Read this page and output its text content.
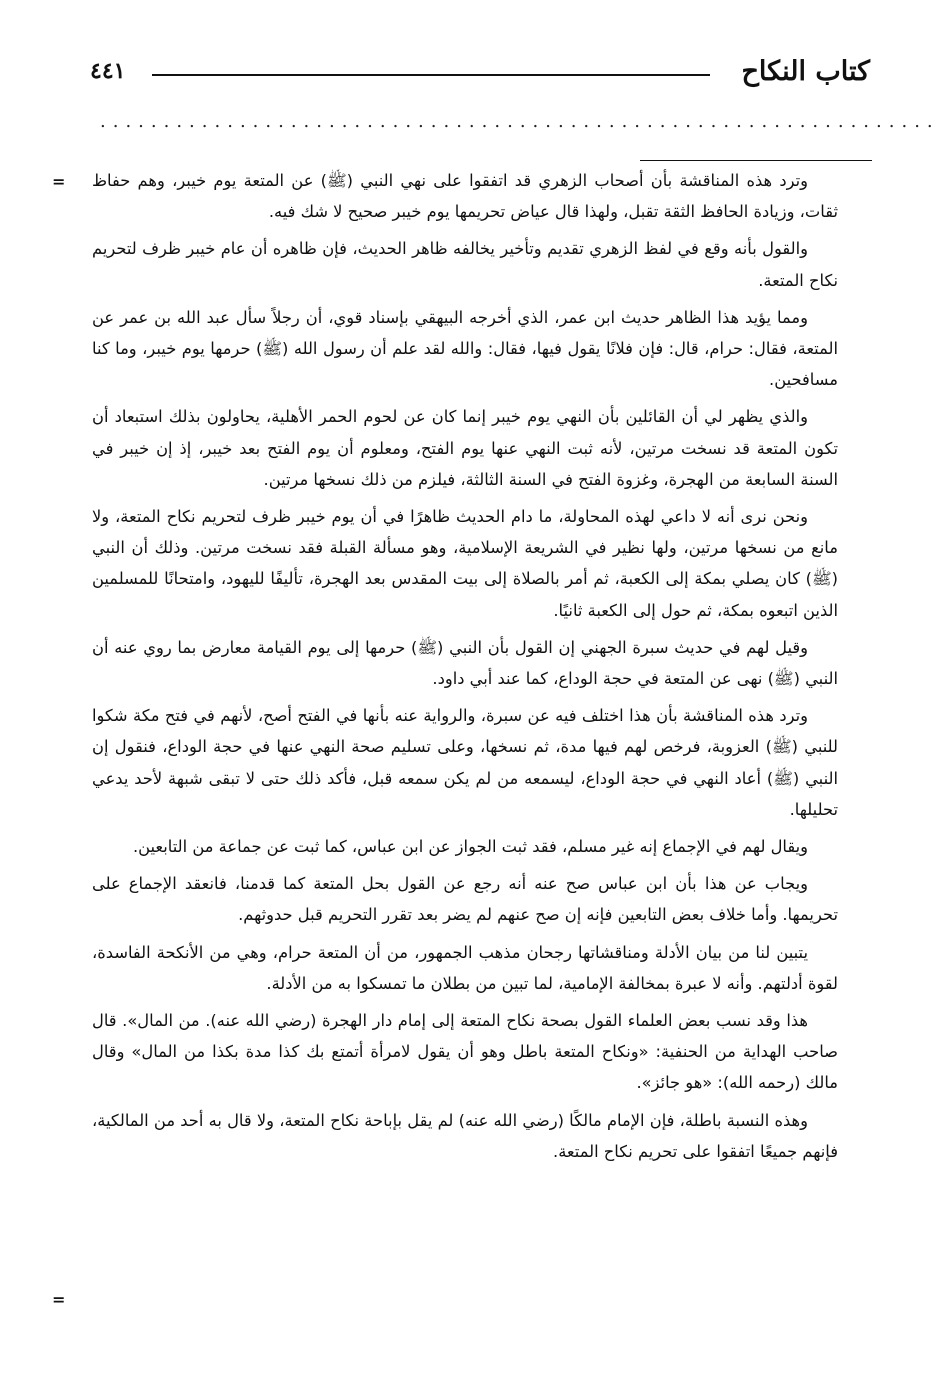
كتاب النكاح
٤٤١
..................................................................
=
=

وترد هذه المناقشة بأن أصحاب الزهري قد اتفقوا على نهي النبي (ﷺ) عن المتعة يوم خيبر، وهم حفاظ ثقات، وزيادة الحافظ الثقة تقبل، ولهذا قال عياض تحريمها يوم خيبر صحيح لا شك فيه.

والقول بأنه وقع في لفظ الزهري تقديم وتأخير يخالفه ظاهر الحديث، فإن ظاهره أن عام خيبر ظرف لتحريم نكاح المتعة.

ومما يؤيد هذا الظاهر حديث ابن عمر، الذي أخرجه البيهقي بإسناد قوي، أن رجلاً سأل عبد الله بن عمر عن المتعة، فقال: حرام، قال: فإن فلانًا يقول فيها، فقال: والله لقد علم أن رسول الله (ﷺ) حرمها يوم خيبر، وما كنا مسافحين.

والذي يظهر لي أن القائلين بأن النهي يوم خيبر إنما كان عن لحوم الحمر الأهلية، يحاولون بذلك استبعاد أن تكون المتعة قد نسخت مرتين، لأنه ثبت النهي عنها يوم الفتح، ومعلوم أن يوم الفتح بعد خيبر، إذ إن خيبر في السنة السابعة من الهجرة، وغزوة الفتح في السنة الثالثة، فيلزم من ذلك نسخها مرتين.

ونحن نرى أنه لا داعي لهذه المحاولة، ما دام الحديث ظاهرًا في أن يوم خيبر ظرف لتحريم نكاح المتعة، ولا مانع من نسخها مرتين، ولها نظير في الشريعة الإسلامية، وهو مسألة القبلة فقد نسخت مرتين. وذلك أن النبي (ﷺ) كان يصلي بمكة إلى الكعبة، ثم أمر بالصلاة إلى بيت المقدس بعد الهجرة، تأليفًا لليهود، وامتحانًا للمسلمين الذين اتبعوه بمكة، ثم حول إلى الكعبة ثانيًا.

وقيل لهم في حديث سبرة الجهني إن القول بأن النبي (ﷺ) حرمها إلى يوم القيامة معارض بما روي عنه أن النبي (ﷺ) نهى عن المتعة في حجة الوداع، كما عند أبي داود.

وترد هذه المناقشة بأن هذا اختلف فيه عن سبرة، والرواية عنه بأنها في الفتح أصح، لأنهم في فتح مكة شكوا للنبي (ﷺ) العزوبة، فرخص لهم فيها مدة، ثم نسخها، وعلى تسليم صحة النهي عنها في حجة الوداع، فنقول إن النبي (ﷺ) أعاد النهي في حجة الوداع، ليسمعه من لم يكن سمعه قبل، فأكد ذلك حتى لا تبقى شبهة لأحد يدعي تحليلها.

ويقال لهم في الإجماع إنه غير مسلم، فقد ثبت الجواز عن ابن عباس، كما ثبت عن جماعة من التابعين.

ويجاب عن هذا بأن ابن عباس صح عنه أنه رجع عن القول بحل المتعة كما قدمنا، فانعقد الإجماع على تحريمها. وأما خلاف بعض التابعين فإنه إن صح عنهم لم يضر بعد تقرر التحريم قبل حدوثهم.

يتبين لنا من بيان الأدلة ومناقشاتها رجحان مذهب الجمهور، من أن المتعة حرام، وهي من الأنكحة الفاسدة، لقوة أدلتهم. وأنه لا عبرة بمخالفة الإمامية، لما تبين من بطلان ما تمسكوا به من الأدلة.

هذا وقد نسب بعض العلماء القول بصحة نكاح المتعة إلى إمام دار الهجرة (رضي الله عنه). من المال». قال صاحب الهداية من الحنفية: «ونكاح المتعة باطل وهو أن يقول لامرأة أتمتع بك كذا مدة بكذا من المال» وقال مالك (رحمه الله): «هو جائز».

وهذه النسبة باطلة، فإن الإمام مالكًا (رضي الله عنه) لم يقل بإباحة نكاح المتعة، ولا قال به أحد من المالكية، فإنهم جميعًا اتفقوا على تحريم نكاح المتعة.
